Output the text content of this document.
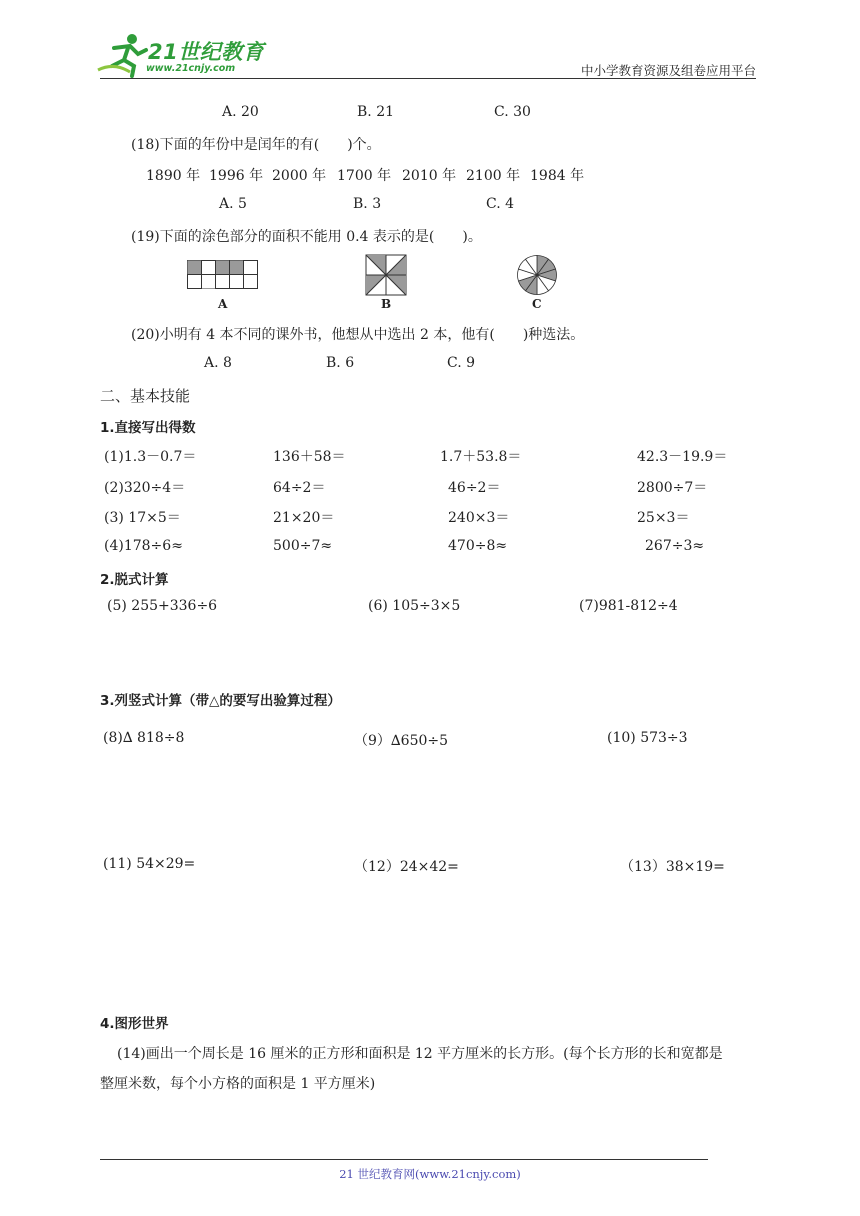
21世纪教育
www.21cnjy.com	中小学教育资源及组卷应用平台
A. 20	B. 21	C. 30
(18)下面的年份中是闰年的有(　　)个。
1890 年 1996 年 2000 年 1700 年 2010 年 2100 年 1984 年
A. 5	B. 3	C. 4
(19)下面的涂色部分的面积不能用 0.4 表示的是(　　)。
A	B	C
(20)小明有 4 本不同的课外书，他想从中选出 2 本，他有(　　)种选法。
A. 8	B. 6	C. 9
二、基本技能
1.直接写出得数
(1)1.3－0.7＝	136＋58＝	1.7＋53.8＝	42.3－19.9＝
(2)320÷4＝	64÷2＝	46÷2＝	2800÷7＝
(3) 17×5＝	21×20＝	240×3＝	25×3＝
(4)178÷6≈	500÷7≈	470÷8≈	267÷3≈
2.脱式计算
(5) 255+336÷6	(6) 105÷3×5	(7)981-812÷4
3.列竖式计算（带△的要写出验算过程）
(8)∆ 818÷8	（9）∆650÷5	(10) 573÷3
(11) 54×29=	（12）24×42=	（13）38×19=
4.图形世界
(14)画出一个周长是 16 厘米的正方形和面积是 12 平方厘米的长方形。(每个长方形的长和宽都是
整厘米数，每个小方格的面积是 1 平方厘米)
21 世纪教育网(www.21cnjy.com)
